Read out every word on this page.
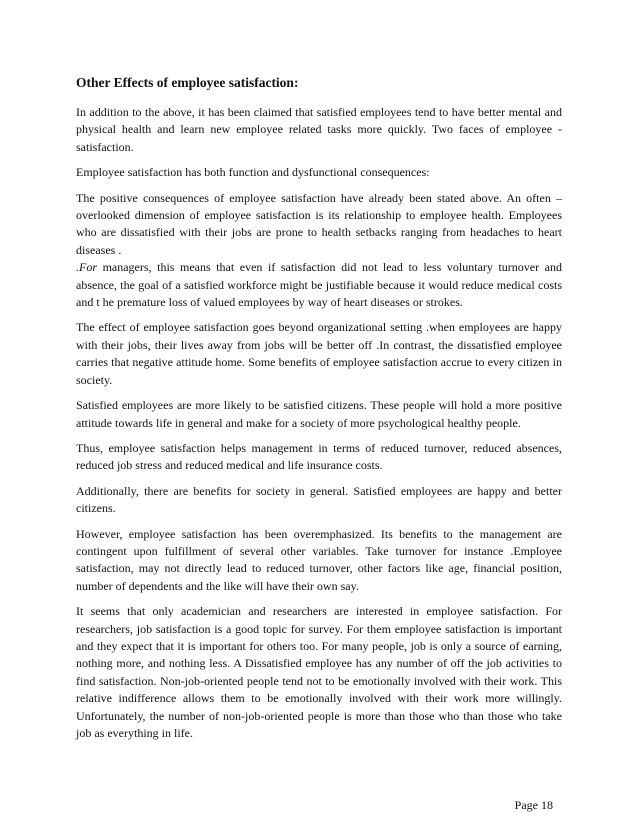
Other Effects of employee satisfaction:

In addition to the above, it has been claimed that satisfied employees tend to have better mental and physical health and learn new employee related tasks more quickly. Two faces of employee -satisfaction.

Employee satisfaction has both function and dysfunctional consequences:

The positive consequences of employee satisfaction have already been stated above. An often –overlooked dimension of employee satisfaction is its relationship to employee health. Employees who are dissatisfied with their jobs are prone to health setbacks ranging from headaches to heart diseases .

.For managers, this means that even if satisfaction did not lead to less voluntary turnover and absence, the goal of a satisfied workforce might be justifiable because it would reduce medical costs and t he premature loss of valued employees by way of heart diseases or strokes.

The effect of employee satisfaction goes beyond organizational setting .when employees are happy with their jobs, their lives away from jobs will be better off .In contrast, the dissatisfied employee carries that negative attitude home. Some benefits of employee satisfaction accrue to every citizen in society.

Satisfied employees are more likely to be satisfied citizens. These people will hold a more positive attitude towards life in general and make for a society of more psychological healthy people.

Thus, employee satisfaction helps management in terms of reduced turnover, reduced absences, reduced job stress and reduced medical and life insurance costs.

Additionally, there are benefits for society in general. Satisfied employees are happy and better citizens.

However, employee satisfaction has been overemphasized. Its benefits to the management are contingent upon fulfillment of several other variables. Take turnover for instance .Employee satisfaction, may not directly lead to reduced turnover, other factors like age, financial position, number of dependents and the like will have their own say.

It seems that only academician and researchers are interested in employee satisfaction. For researchers, job satisfaction is a good topic for survey. For them employee satisfaction is important and they expect that it is important for others too. For many people, job is only a source of earning, nothing more, and nothing less. A Dissatisfied employee has any number of off the job activities to find satisfaction. Non-job-oriented people tend not to be emotionally involved with their work. This relative indifference allows them to be emotionally involved with their work more willingly. Unfortunately, the number of non-job-oriented people is more than those who than those who take job as everything in life.

Page 18
